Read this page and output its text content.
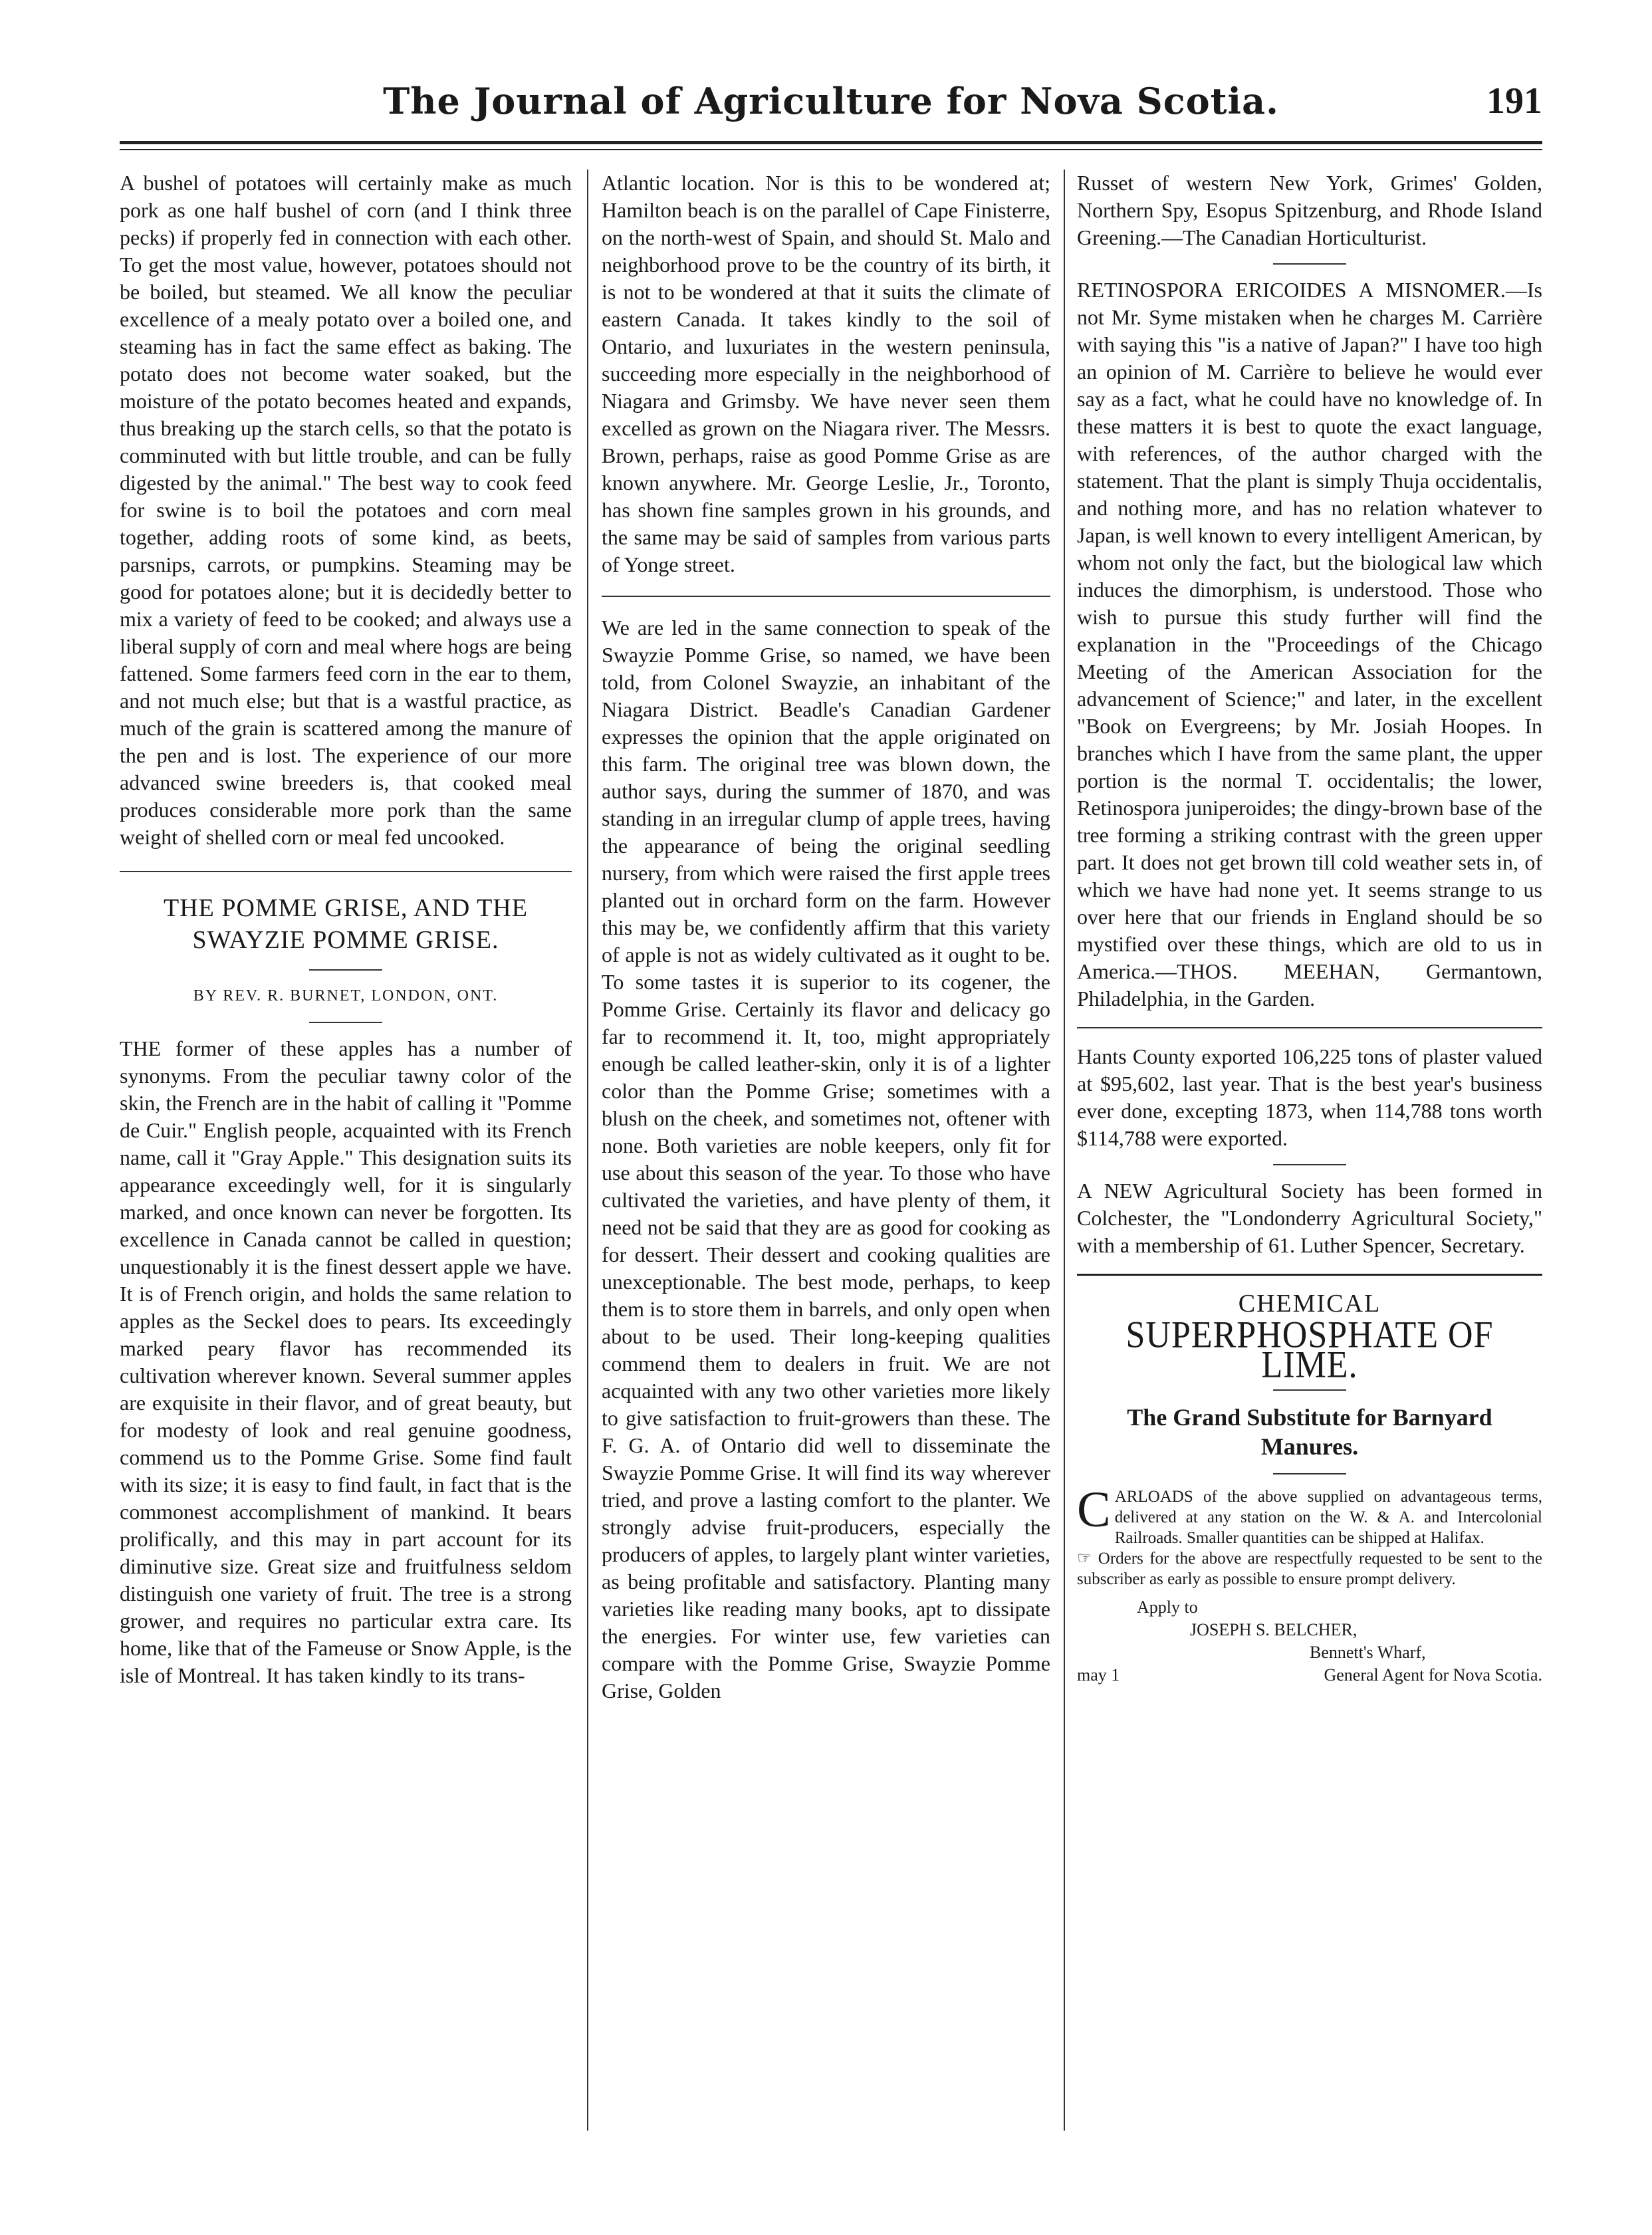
The Journal of Agriculture for Nova Scotia.	191

A bushel of potatoes will certainly make as much pork as one half bushel of corn (and I think three pecks) if properly fed in connection with each other. To get the most value, however, potatoes should not be boiled, but steamed. We all know the peculiar excellence of a mealy potato over a boiled one, and steaming has in fact the same effect as baking. The potato does not become water soaked, but the moisture of the potato becomes heated and expands, thus breaking up the starch cells, so that the potato is comminuted with but little trouble, and can be fully digested by the animal." The best way to cook feed for swine is to boil the potatoes and corn meal together, adding roots of some kind, as beets, parsnips, carrots, or pumpkins. Steaming may be good for potatoes alone; but it is decidedly better to mix a variety of feed to be cooked; and always use a liberal supply of corn and meal where hogs are being fattened. Some farmers feed corn in the ear to them, and not much else; but that is a wastful practice, as much of the grain is scattered among the manure of the pen and is lost. The experience of our more advanced swine breeders is, that cooked meal produces considerable more pork than the same weight of shelled corn or meal fed uncooked.

THE POMME GRISE, AND THE SWAYZIE POMME GRISE.
BY REV. R. BURNET, LONDON, ONT.

THE former of these apples has a number of synonyms. From the peculiar tawny color of the skin, the French are in the habit of calling it "Pomme de Cuir." English people, acquainted with its French name, call it "Gray Apple." This designation suits its appearance exceedingly well, for it is singularly marked, and once known can never be forgotten. Its excellence in Canada cannot be called in question; unquestionably it is the finest dessert apple we have. It is of French origin, and holds the same relation to apples as the Seckel does to pears. Its exceedingly marked peary flavor has recommended its cultivation wherever known. Several summer apples are exquisite in their flavor, and of great beauty, but for modesty of look and real genuine goodness, commend us to the Pomme Grise. Some find fault with its size; it is easy to find fault, in fact that is the commonest accomplishment of mankind. It bears prolifically, and this may in part account for its diminutive size. Great size and fruitfulness seldom distinguish one variety of fruit. The tree is a strong grower, and requires no particular extra care. Its home, like that of the Fameuse or Snow Apple, is the isle of Montreal. It has taken kindly to its trans-

Atlantic location. Nor is this to be wondered at; Hamilton beach is on the parallel of Cape Finisterre, on the north-west of Spain, and should St. Malo and neighborhood prove to be the country of its birth, it is not to be wondered at that it suits the climate of eastern Canada. It takes kindly to the soil of Ontario, and luxuriates in the western peninsula, succeeding more especially in the neighborhood of Niagara and Grimsby. We have never seen them excelled as grown on the Niagara river. The Messrs. Brown, perhaps, raise as good Pomme Grise as are known anywhere. Mr. George Leslie, Jr., Toronto, has shown fine samples grown in his grounds, and the same may be said of samples from various parts of Yonge street.

We are led in the same connection to speak of the Swayzie Pomme Grise, so named, we have been told, from Colonel Swayzie, an inhabitant of the Niagara District. Beadle's Canadian Gardener expresses the opinion that the apple originated on this farm. The original tree was blown down, the author says, during the summer of 1870, and was standing in an irregular clump of apple trees, having the appearance of being the original seedling nursery, from which were raised the first apple trees planted out in orchard form on the farm. However this may be, we confidently affirm that this variety of apple is not as widely cultivated as it ought to be. To some tastes it is superior to its cogener, the Pomme Grise. Certainly its flavor and delicacy go far to recommend it. It, too, might appropriately enough be called leather-skin, only it is of a lighter color than the Pomme Grise; sometimes with a blush on the cheek, and sometimes not, oftener with none. Both varieties are noble keepers, only fit for use about this season of the year. To those who have cultivated the varieties, and have plenty of them, it need not be said that they are as good for cooking as for dessert. Their dessert and cooking qualities are unexceptionable. The best mode, perhaps, to keep them is to store them in barrels, and only open when about to be used. Their long-keeping qualities commend them to dealers in fruit. We are not acquainted with any two other varieties more likely to give satisfaction to fruit-growers than these. The F. G. A. of Ontario did well to disseminate the Swayzie Pomme Grise. It will find its way wherever tried, and prove a lasting comfort to the planter. We strongly advise fruit-producers, especially the producers of apples, to largely plant winter varieties, as being profitable and satisfactory. Planting many varieties like reading many books, apt to dissipate the energies. For winter use, few varieties can compare with the Pomme Grise, Swayzie Pomme Grise, Golden

Russet of western New York, Grimes' Golden, Northern Spy, Esopus Spitzenburg, and Rhode Island Greening.—The Canadian Horticulturist.

RETINOSPORA ERICOIDES A MISNOMER.—Is not Mr. Syme mistaken when he charges M. Carrière with saying this "is a native of Japan?" I have too high an opinion of M. Carrière to believe he would ever say as a fact, what he could have no knowledge of. In these matters it is best to quote the exact language, with references, of the author charged with the statement. That the plant is simply Thuja occidentalis, and nothing more, and has no relation whatever to Japan, is well known to every intelligent American, by whom not only the fact, but the biological law which induces the dimorphism, is understood. Those who wish to pursue this study further will find the explanation in the "Proceedings of the Chicago Meeting of the American Association for the advancement of Science;" and later, in the excellent "Book on Evergreens; by Mr. Josiah Hoopes. In branches which I have from the same plant, the upper portion is the normal T. occidentalis; the lower, Retinospora juniperoides; the dingy-brown base of the tree forming a striking contrast with the green upper part. It does not get brown till cold weather sets in, of which we have had none yet. It seems strange to us over here that our friends in England should be so mystified over these things, which are old to us in America.—THOS. MEEHAN, Germantown, Philadelphia, in the Garden.

Hants County exported 106,225 tons of plaster valued at $95,602, last year. That is the best year's business ever done, excepting 1873, when 114,788 tons worth $114,788 were exported.

A NEW Agricultural Society has been formed in Colchester, the "Londonderry Agricultural Society," with a membership of 61. Luther Spencer, Secretary.

CHEMICAL
SUPERPHOSPHATE OF LIME.
The Grand Substitute for Barnyard Manures.
C ARLOADS of the above supplied on advantageous terms, delivered at any station on the W. & A. and Intercolonial Railroads. Smaller quantities can be shipped at Halifax.
☞ Orders for the above are respectfully requested to be sent to the subscriber as early as possible to ensure prompt delivery.
Apply to
JOSEPH S. BELCHER,
Bennett's Wharf,
may 1	General Agent for Nova Scotia.
